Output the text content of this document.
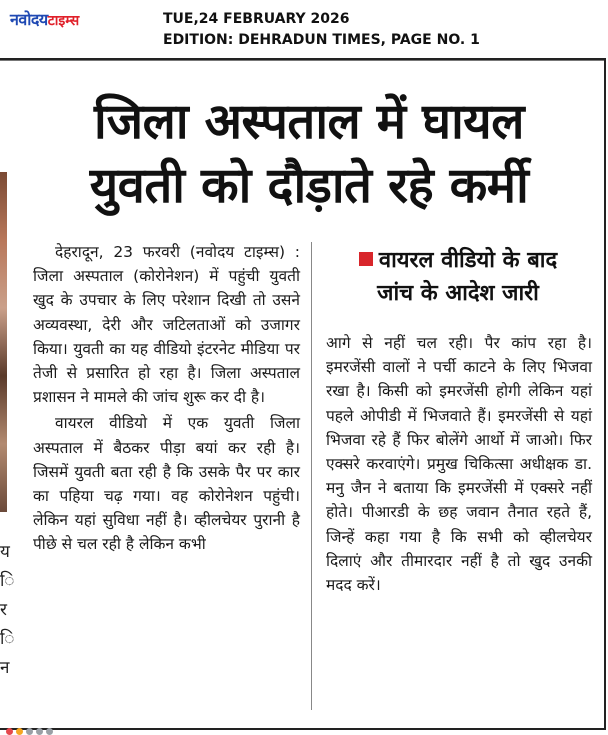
नवोदयटाइम्स	TUE,24 FEBRUARY 2026
EDITION: DEHRADUN TIMES, PAGE NO. 1
य
ि
र
ि
न
जिला अस्पताल में घायल
युवती को दौड़ाते रहे कर्मी

देहरादून, 23 फरवरी (नवोदय टाइम्स) : जिला अस्पताल (कोरोनेशन) में पहुंची युवती खुद के उपचार के लिए परेशान दिखी तो उसने अव्यवस्था, देरी और जटिलताओं को उजागर किया। युवती का यह वीडियो इंटरनेट मीडिया पर तेजी से प्रसारित हो रहा है। जिला अस्पताल प्रशासन ने मामले की जांच शुरू कर दी है।

वायरल वीडियो में एक युवती जिला अस्पताल में बैठकर पीड़ा बयां कर रही है। जिसमें युवती बता रही है कि उसके पैर पर कार का पहिया चढ़ गया। वह कोरोनेशन पहुंची। लेकिन यहां सुविधा नहीं है। व्हीलचेयर पुरानी है पीछे से चल रही है लेकिन कभी

वायरल वीडियो के बाद
जांच के आदेश जारी

आगे से नहीं चल रही। पैर कांप रहा है। इमरजेंसी वालों ने पर्ची काटने के लिए भिजवा रखा है। किसी को इमरजेंसी होगी लेकिन यहां पहले ओपीडी में भिजवाते हैं। इमरजेंसी से यहां भिजवा रहे हैं फिर बोलेंगे आर्थो में जाओ। फिर एक्सरे करवाएंगे। प्रमुख चिकित्सा अधीक्षक डा. मनु जैन ने बताया कि इमरजेंसी में एक्सरे नहीं होते। पीआरडी के छह जवान तैनात रहते हैं, जिन्हें कहा गया है कि सभी को व्हीलचेयर दिलाएं और तीमारदार नहीं है तो खुद उनकी मदद करें।
